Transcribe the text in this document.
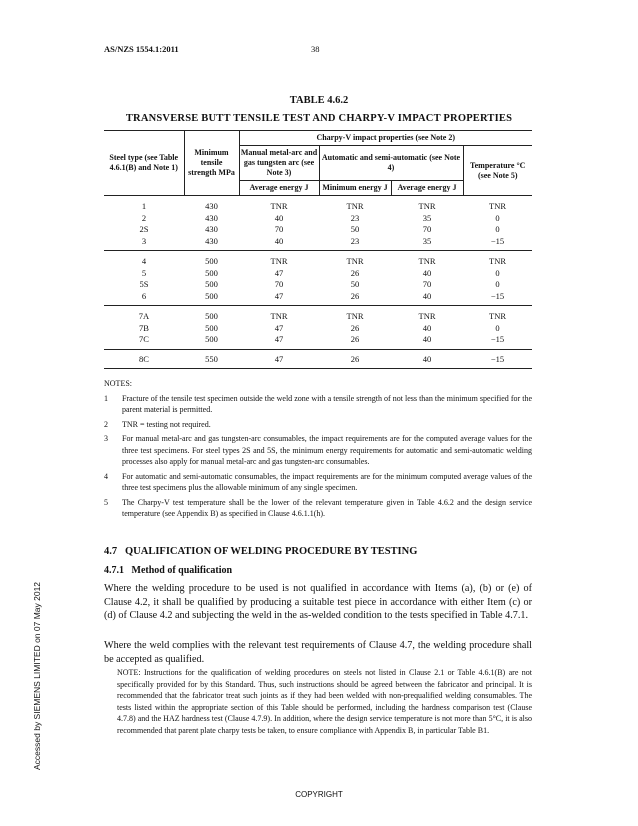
AS/NZS 1554.1:2011	38
TABLE 4.6.2
TRANSVERSE BUTT TENSILE TEST AND CHARPY-V IMPACT PROPERTIES
Steel type (see Table 4.6.1(B) and Note 1)	Minimum tensile strength MPa	Charpy-V impact properties (see Note 2)			
		Manual metal-arc and gas tungsten arc (see Note 3)	Automatic and semi-automatic (see Note 4)		Temperature °C (see Note 5)
		Average energy J	Minimum energy J	Average energy J	
1	430	TNR	TNR	TNR	TNR
2	430	40	23	35	0
2S	430	70	50	70	0
3	430	40	23	35	−15
4	500	TNR	TNR	TNR	TNR
5	500	47	26	40	0
5S	500	70	50	70	0
6	500	47	26	40	−15
7A	500	TNR	TNR	TNR	TNR
7B	500	47	26	40	0
7C	500	47	26	40	−15
8C	550	47	26	40	−15
NOTES:
1 Fracture of the tensile test specimen outside the weld zone with a tensile strength of not less than the minimum specified for the parent material is permitted.
2 TNR = testing not required.
3 For manual metal-arc and gas tungsten-arc consumables, the impact requirements are for the computed average values for the three test specimens. For steel types 2S and 5S, the minimum energy requirements for automatic and semi-automatic welding processes also apply for manual metal-arc and gas tungsten-arc consumables.
4 For automatic and semi-automatic consumables, the impact requirements are for the minimum computed average values of the three test specimens plus the allowable minimum of any single specimen.
5 The Charpy-V test temperature shall be the lower of the relevant temperature given in Table 4.6.2 and the design service temperature (see Appendix B) as specified in Clause 4.6.1.1(h).
4.7   QUALIFICATION OF WELDING PROCEDURE BY TESTING
4.7.1   Method of qualification
Where the welding procedure to be used is not qualified in accordance with Items (a), (b) or (e) of Clause 4.2, it shall be qualified by producing a suitable test piece in accordance with either Item (c) or (d) of Clause 4.2 and subjecting the weld in the as-welded condition to the tests specified in Table 4.7.1.
Where the weld complies with the relevant test requirements of Clause 4.7, the welding procedure shall be accepted as qualified.
NOTE: Instructions for the qualification of welding procedures on steels not listed in Clause 2.1 or Table 4.6.1(B) are not specifically provided for by this Standard. Thus, such instructions should be agreed between the fabricator and principal. It is recommended that the fabricator treat such joints as if they had been welded with non-prequalified welding consumables. The tests listed within the appropriate section of this Table should be performed, including the hardness comparison test (Clause 4.7.8) and the HAZ hardness test (Clause 4.7.9). In addition, where the design service temperature is not more than 5°C, it is also recommended that parent plate charpy tests be taken, to ensure compliance with Appendix B, in particular Table B1.
Accessed by SIEMENS LIMITED on 07 May 2012
COPYRIGHT
